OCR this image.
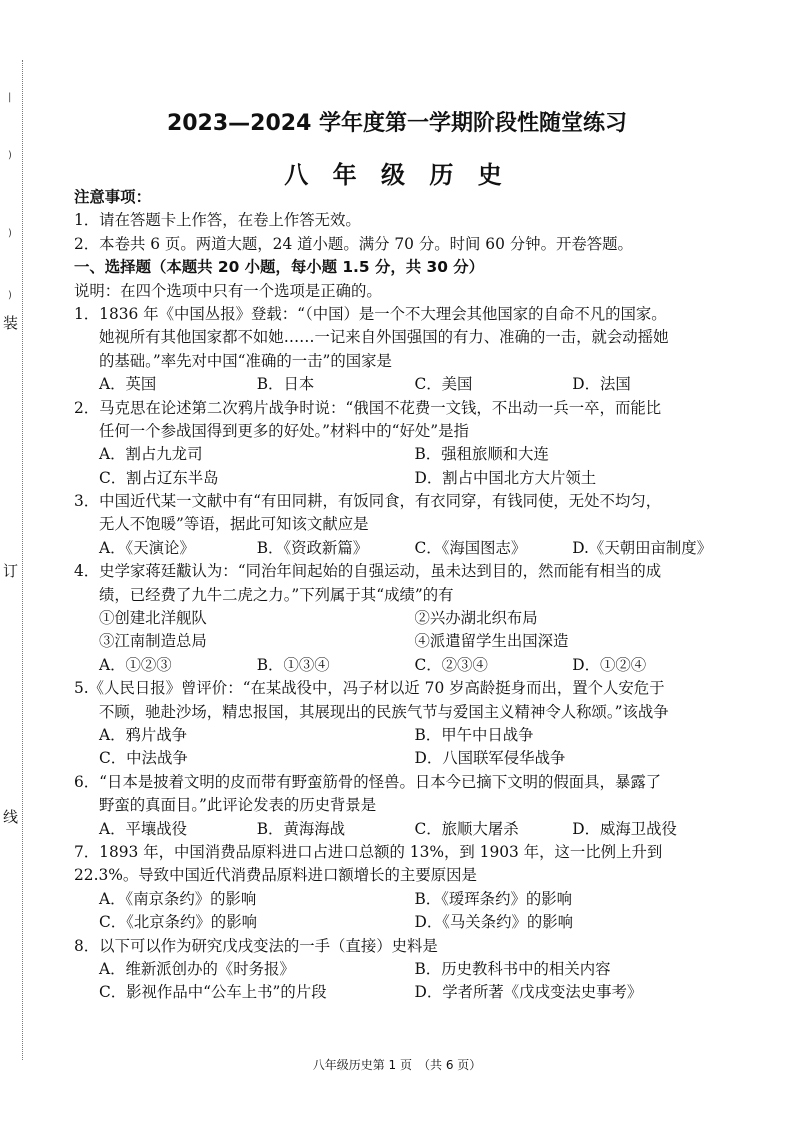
|
)
)
)
装
订
线
2023—2024 学年度第一学期阶段性随堂练习
八 年 级 历 史
注意事项：
1．请在答题卡上作答，在卷上作答无效。
2．本卷共 6 页。两道大题，24 道小题。满分 70 分。时间 60 分钟。开卷答题。
一、选择题（本题共 20 小题，每小题 1.5 分，共 30 分）
说明：在四个选项中只有一个选项是正确的。
1．1836 年《中国丛报》登载：“（中国）是一个不大理会其他国家的自命不凡的国家。
她视所有其他国家都不如她……一记来自外国强国的有力、准确的一击，就会动摇她
的基础。”率先对中国“准确的一击”的国家是
A．英国	B．日本	C．美国	D．法国
2．马克思在论述第二次鸦片战争时说：“俄国不花费一文钱，不出动一兵一卒，而能比
任何一个参战国得到更多的好处。”材料中的“好处”是指
A．割占九龙司	B．强租旅顺和大连
C．割占辽东半岛	D．割占中国北方大片领土
3．中国近代某一文献中有“有田同耕，有饭同食，有衣同穿，有钱同使，无处不均匀，
无人不饱暖”等语，据此可知该文献应是
A．《天演论》	B．《资政新篇》	C．《海国图志》	D.《天朝田亩制度》
4．史学家蒋廷黻认为：“同治年间起始的自强运动，虽未达到目的，然而能有相当的成
绩，已经费了九牛二虎之力。”下列属于其“成绩”的有
①创建北洋舰队	②兴办湖北织布局
③江南制造总局	④派遣留学生出国深造
A．①②③	B．①③④	C．②③④	D．①②④
5.《人民日报》曾评价：“在某战役中，冯子材以近 70 岁高龄挺身而出，置个人安危于
不顾，驰赴沙场，精忠报国，其展现出的民族气节与爱国主义精神令人称颂。”该战争
A．鸦片战争	B．甲午中日战争
C．中法战争	D．八国联军侵华战争
6．“日本是披着文明的皮而带有野蛮筋骨的怪兽。日本今已摘下文明的假面具，暴露了
野蛮的真面目。”此评论发表的历史背景是
A．平壤战役	B．黄海海战	C．旅顺大屠杀	D．威海卫战役
7．1893 年，中国消费品原料进口占进口总额的 13%，到 1903 年，这一比例上升到
22.3%。导致中国近代消费品原料进口额增长的主要原因是
A．《南京条约》的影响	B．《瑷珲条约》的影响
C．《北京条约》的影响	D．《马关条约》的影响
8．以下可以作为研究戊戌变法的一手（直接）史料是
A．维新派创办的《时务报》	B．历史教科书中的相关内容
C．影视作品中“公车上书”的片段	D．学者所著《戊戌变法史事考》
八年级历史第 1 页　（共 6 页）
